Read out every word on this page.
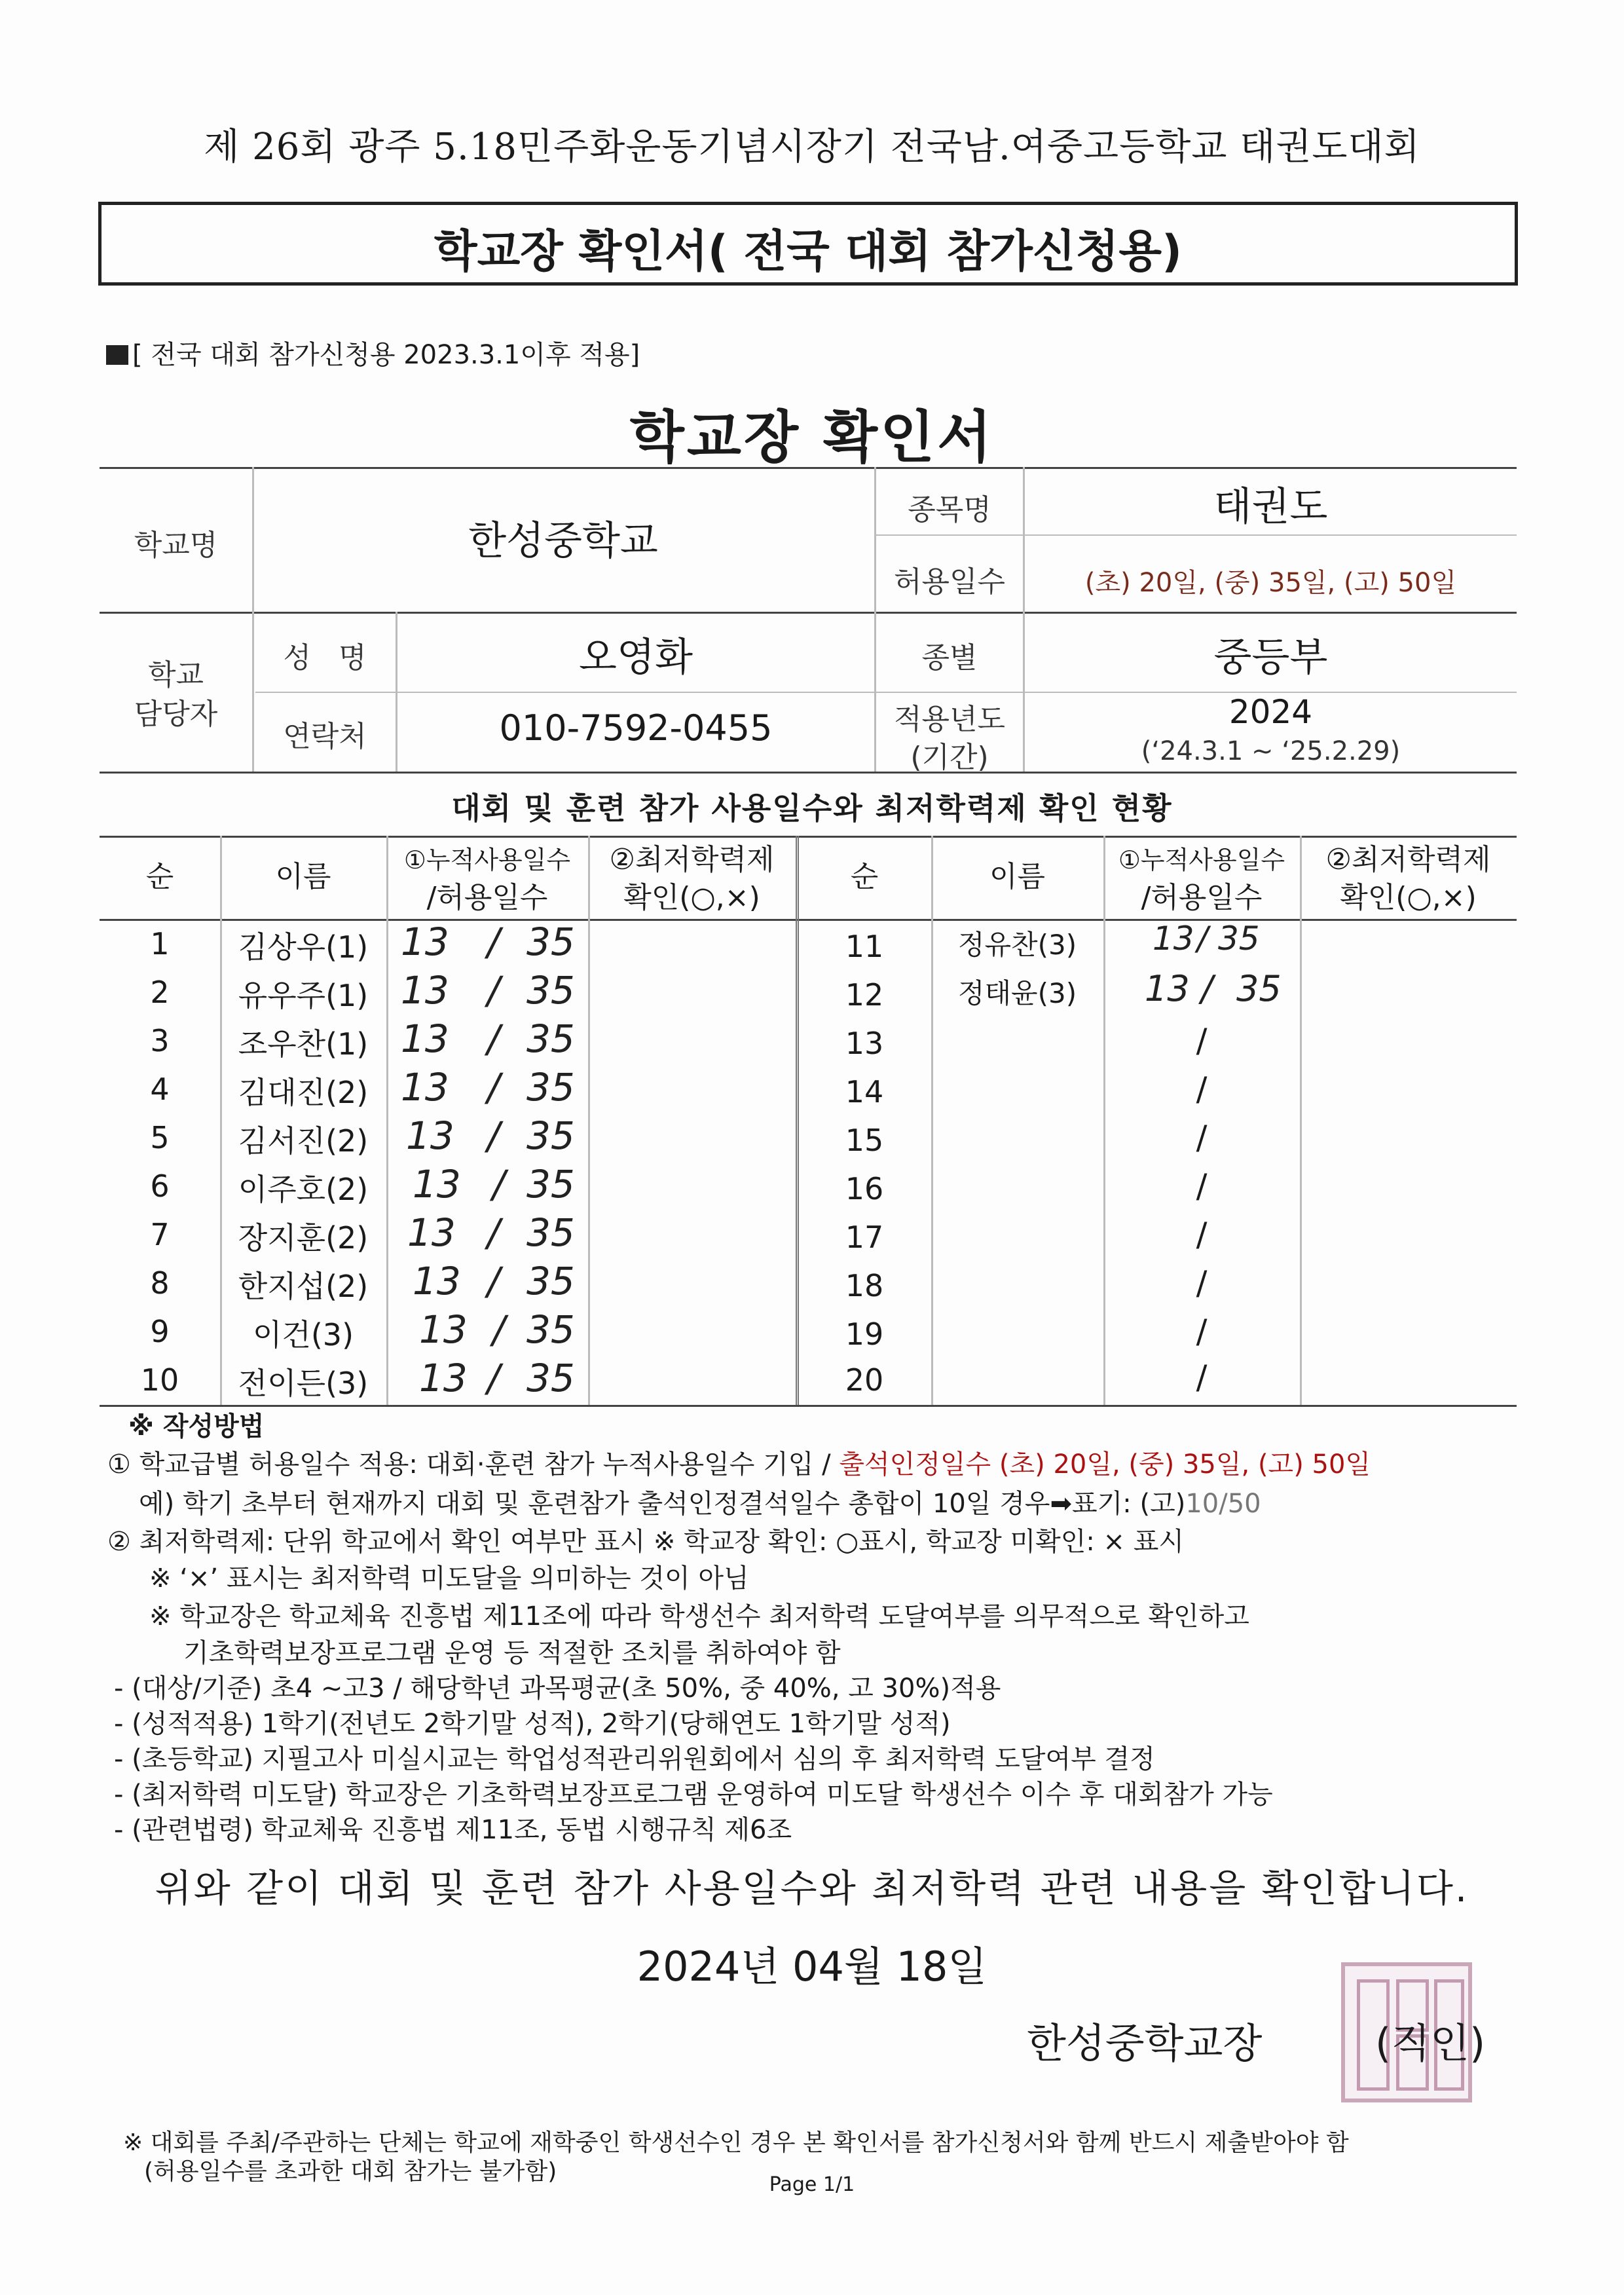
제 26회 광주 5.18민주화운동기념시장기 전국남.여중고등학교 태권도대회
학교장 확인서( 전국 대회 참가신청용)
[ 전국 대회 참가신청용 2023.3.1이후 적용]
학교장 확인서
학교명	한성중학교
종목명	태권도
허용일수	(초) 20일, (중) 35일, (고) 50일
학교
담당자
성   명	오영화
연락처	010-7592-0455
종별	중등부
적용년도
(기간)
2024
(‘24.3.1 ~ ‘25.2.29)
대회 및 훈련 참가 사용일수와 최저학력제 확인 현황
순	이름	①누적사용일수
/허용일수
②최저학력제
확인(○,×)
순	이름	①누적사용일수
/허용일수
②최저학력제
확인(○,×)
1	김상우(1) 13 / 35
2	유우주(1) 13 / 35
3	조우찬(1) 13 / 35
4	김대진(2) 13 / 35
5	김서진(2) 13 / 35
6	이주호(2)	13 / 35
7	장지훈(2)	13 / 35
8	한지섭(2)	13 / 35
9	이건(3)	13 / 35
10	전이든(3)	13 / 35
11	정유찬(3)	13 / 35
12	정태윤(3)	13 / 35
13	/
14	/
15	/
16	/
17	/
18	/
19	/
20	/
※ 작성방법
① 학교급별 허용일수 적용: 대회·훈련 참가 누적사용일수 기입 / 출석인정일수 (초) 20일, (중) 35일, (고) 50일
예) 학기 초부터 현재까지 대회 및 훈련참가 출석인정결석일수 총합이 10일 경우➡표기: (고)10/50
② 최저학력제: 단위 학교에서 확인 여부만 표시 ※ 학교장 확인: ○표시, 학교장 미확인: × 표시
※ ‘×’ 표시는 최저학력 미도달을 의미하는 것이 아님
※ 학교장은 학교체육 진흥법 제11조에 따라 학생선수 최저학력 도달여부를 의무적으로 확인하고
기초학력보장프로그램 운영 등 적절한 조치를 취하여야 함
- (대상/기준) 초4 ~고3 / 해당학년 과목평균(초 50%, 중 40%, 고 30%)적용
- (성적적용) 1학기(전년도 2학기말 성적), 2학기(당해연도 1학기말 성적)
- (초등학교) 지필고사 미실시교는 학업성적관리위원회에서 심의 후 최저학력 도달여부 결정
- (최저학력 미도달) 학교장은 기초학력보장프로그램 운영하여 미도달 학생선수 이수 후 대회참가 가능
- (관련법령) 학교체육 진흥법 제11조, 동법 시행규칙 제6조
위와 같이 대회 및 훈련 참가 사용일수와 최저학력 관련 내용을 확인합니다.
2024년 04월 18일
한성중학교장	(직인)
※ 대회를 주최/주관하는 단체는 학교에 재학중인 학생선수인 경우 본 확인서를 참가신청서와 함께 반드시 제출받아야 함
(허용일수를 초과한 대회 참가는 불가함)	Page 1/1
